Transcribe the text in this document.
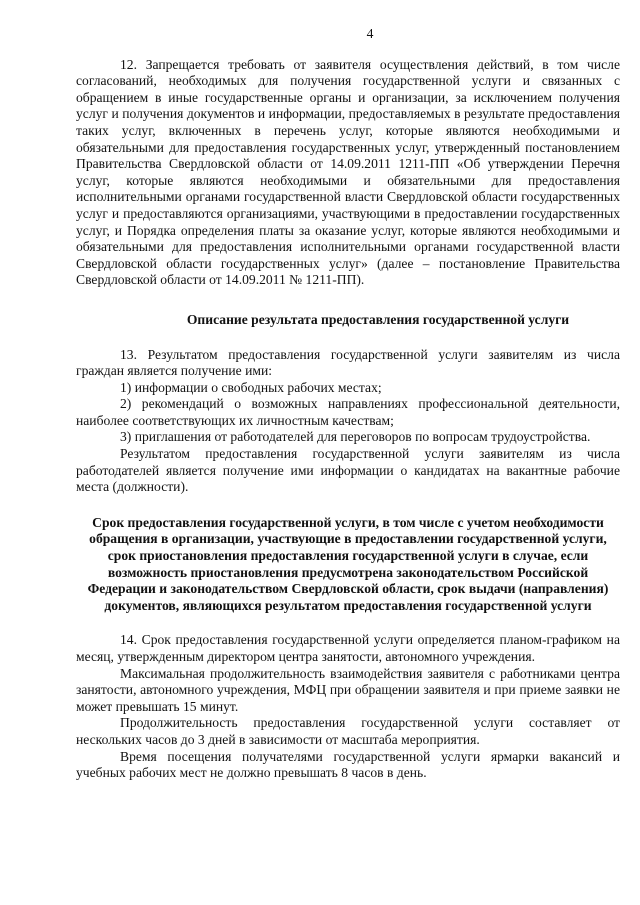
4

12. Запрещается требовать от заявителя осуществления действий, в том числе согласований, необходимых для получения государственной услуги и связанных с обращением в иные государственные органы и организации, за исключением получения услуг и получения документов и информации, предоставляемых в результате предоставления таких услуг, включенных в перечень услуг, которые являются необходимыми и обязательными для предоставления государственных услуг, утвержденный постановлением Правительства Свердловской области от 14.09.2011 1211-ПП «Об утверждении Перечня услуг, которые являются необходимыми и обязательными для предоставления исполнительными органами государственной власти Свердловской области государственных услуг и предоставляются организациями, участвующими в предоставлении государственных услуг, и Порядка определения платы за оказание услуг, которые являются необходимыми и обязательными для предоставления исполнительными органами государственной власти Свердловской области государственных услуг» (далее – постановление Правительства Свердловской области от 14.09.2011 № 1211-ПП).

Описание результата предоставления государственной услуги

13. Результатом предоставления государственной услуги заявителям из числа граждан является получение ими:

1) информации о свободных рабочих местах;

2) рекомендаций о возможных направлениях профессиональной деятельности, наиболее соответствующих их личностным качествам;

3) приглашения от работодателей для переговоров по вопросам трудоустройства.

Результатом предоставления государственной услуги заявителям из числа работодателей является получение ими информации о кандидатах на вакантные рабочие места (должности).

Срок предоставления государственной услуги, в том числе с учетом необходимости обращения в организации, участвующие в предоставлении государственной услуги, срок приостановления предоставления государственной услуги в случае, если возможность приостановления предусмотрена законодательством Российской Федерации и законодательством Свердловской области, срок выдачи (направления) документов, являющихся результатом предоставления государственной услуги

14. Срок предоставления государственной услуги определяется планом-графиком на месяц, утвержденным директором центра занятости, автономного учреждения.

Максимальная продолжительность взаимодействия заявителя с работниками центра занятости, автономного учреждения, МФЦ при обращении заявителя и при приеме заявки не может превышать 15 минут.

Продолжительность предоставления государственной услуги составляет от нескольких часов до 3 дней в зависимости от масштаба мероприятия.

Время посещения получателями государственной услуги ярмарки вакансий и учебных рабочих мест не должно превышать 8 часов в день.
